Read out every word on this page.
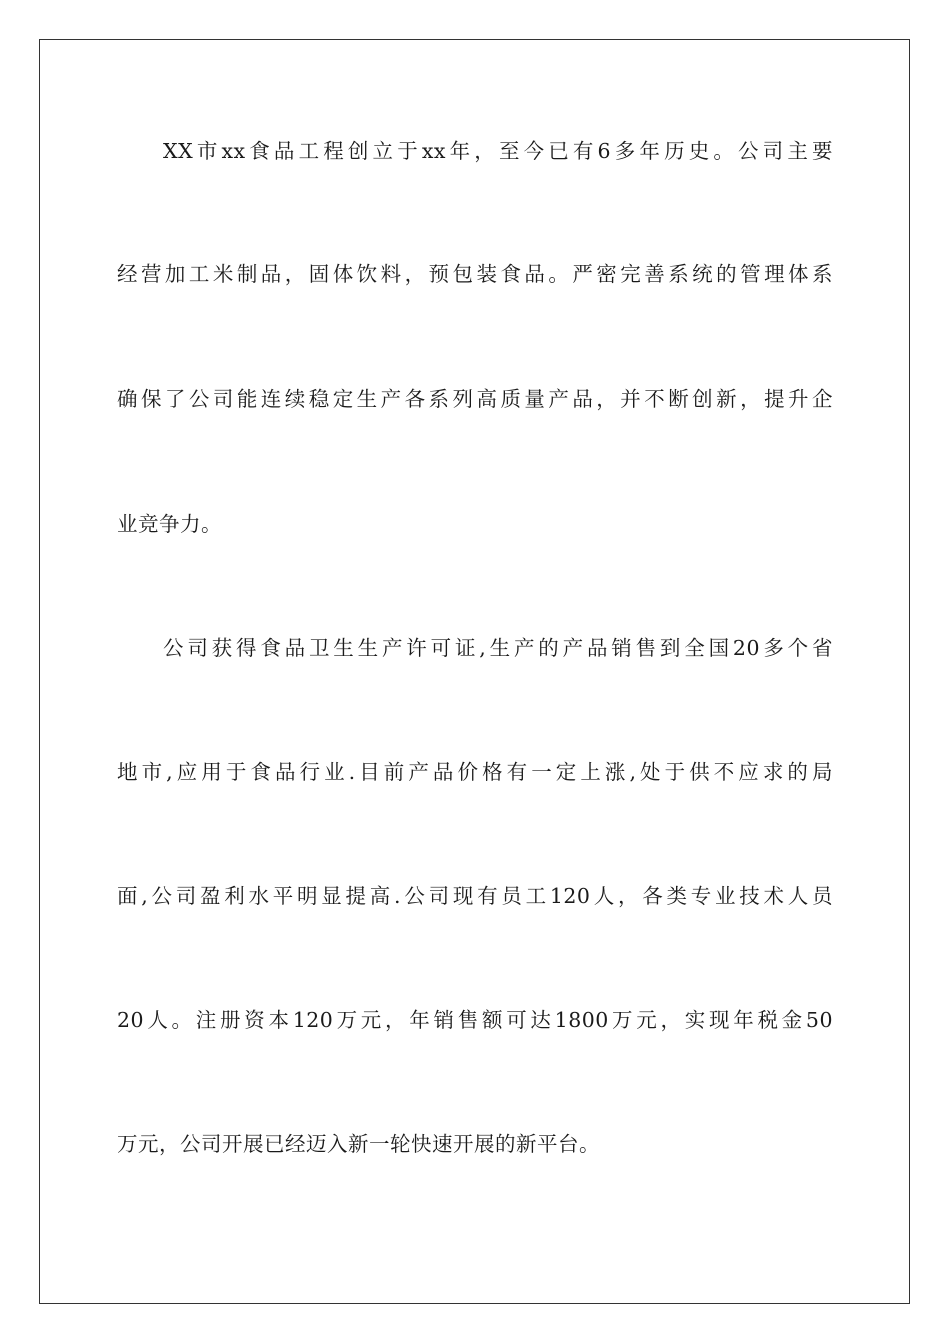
XX市xx食品工程创立于xx年，至今已有6多年历史。公司主要
经营加工米制品，固体饮料，预包装食品。严密完善系统的管理体系
确保了公司能连续稳定生产各系列高质量产品，并不断创新，提升企
业竞争力。
公司获得食品卫生生产许可证,生产的产品销售到全国20多个省
地市,应用于食品行业.目前产品价格有一定上涨,处于供不应求的局
面,公司盈利水平明显提高.公司现有员工120人，各类专业技术人员
20人。注册资本120万元，年销售额可达1800万元，实现年税金50
万元，公司开展已经迈入新一轮快速开展的新平台。
